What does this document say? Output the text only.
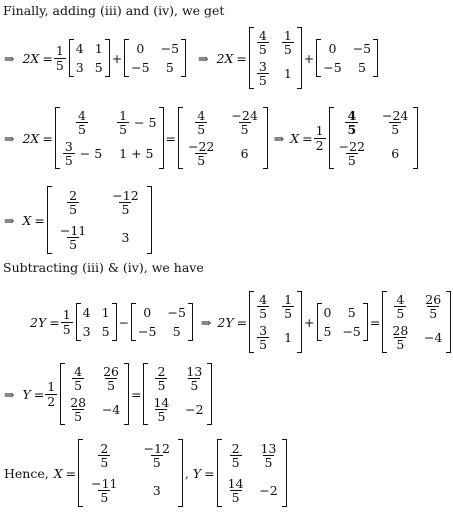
Finally, adding (iii) and (iv), we get
⇒ $2X = \frac{1}{5} 4$ 1
3 5
+
0 −5
−5 5
⇒ 2X =
$\frac{4}{5} \frac{1}{5}$
$\frac{3}{5} 1$
+
0 −5
−5 5
⇒ 2X =
$\frac{4}{5} \frac{1}{5}$
− 5
$\frac{3}{5}$
− 5 1 + 5
=
$\frac{4}{5} \frac{-24}{5}$
$\frac{-22}{5} 6$
⇒ $X = \frac{1}{2}$
$\frac{4}{5} \frac{-24}{5}$
$\frac{-22}{5} 6$
⇒ X =
$\frac{2}{5} \frac{-12}{5}$
$\frac{-11}{5}$	3
Subtracting (iii) & (iv), we have
$2Y = \frac{1}{5} 4$ 1
3 5
−
0 −5
−5 5
⇒ 2Y =
$\frac{4}{5} \frac{1}{5}$
$\frac{3}{5} 1$
+
0 5
5 −5
=
$\frac{4}{5} \frac{26}{5}$
$\frac{28}{5} -4$
⇒ $Y = \frac{1}{2}$
$\frac{4}{5} \frac{26}{5}$
$\frac{28}{5} -4$
=
$\frac{2}{5} \frac{13}{5}$
$\frac{14}{5} -2$
Hence, X =
$\frac{2}{5} \frac{-12}{5}$
$\frac{-11}{5}$	3
, Y =
$\frac{2}{5} \frac{13}{5}$
$\frac{14}{5} -2$
